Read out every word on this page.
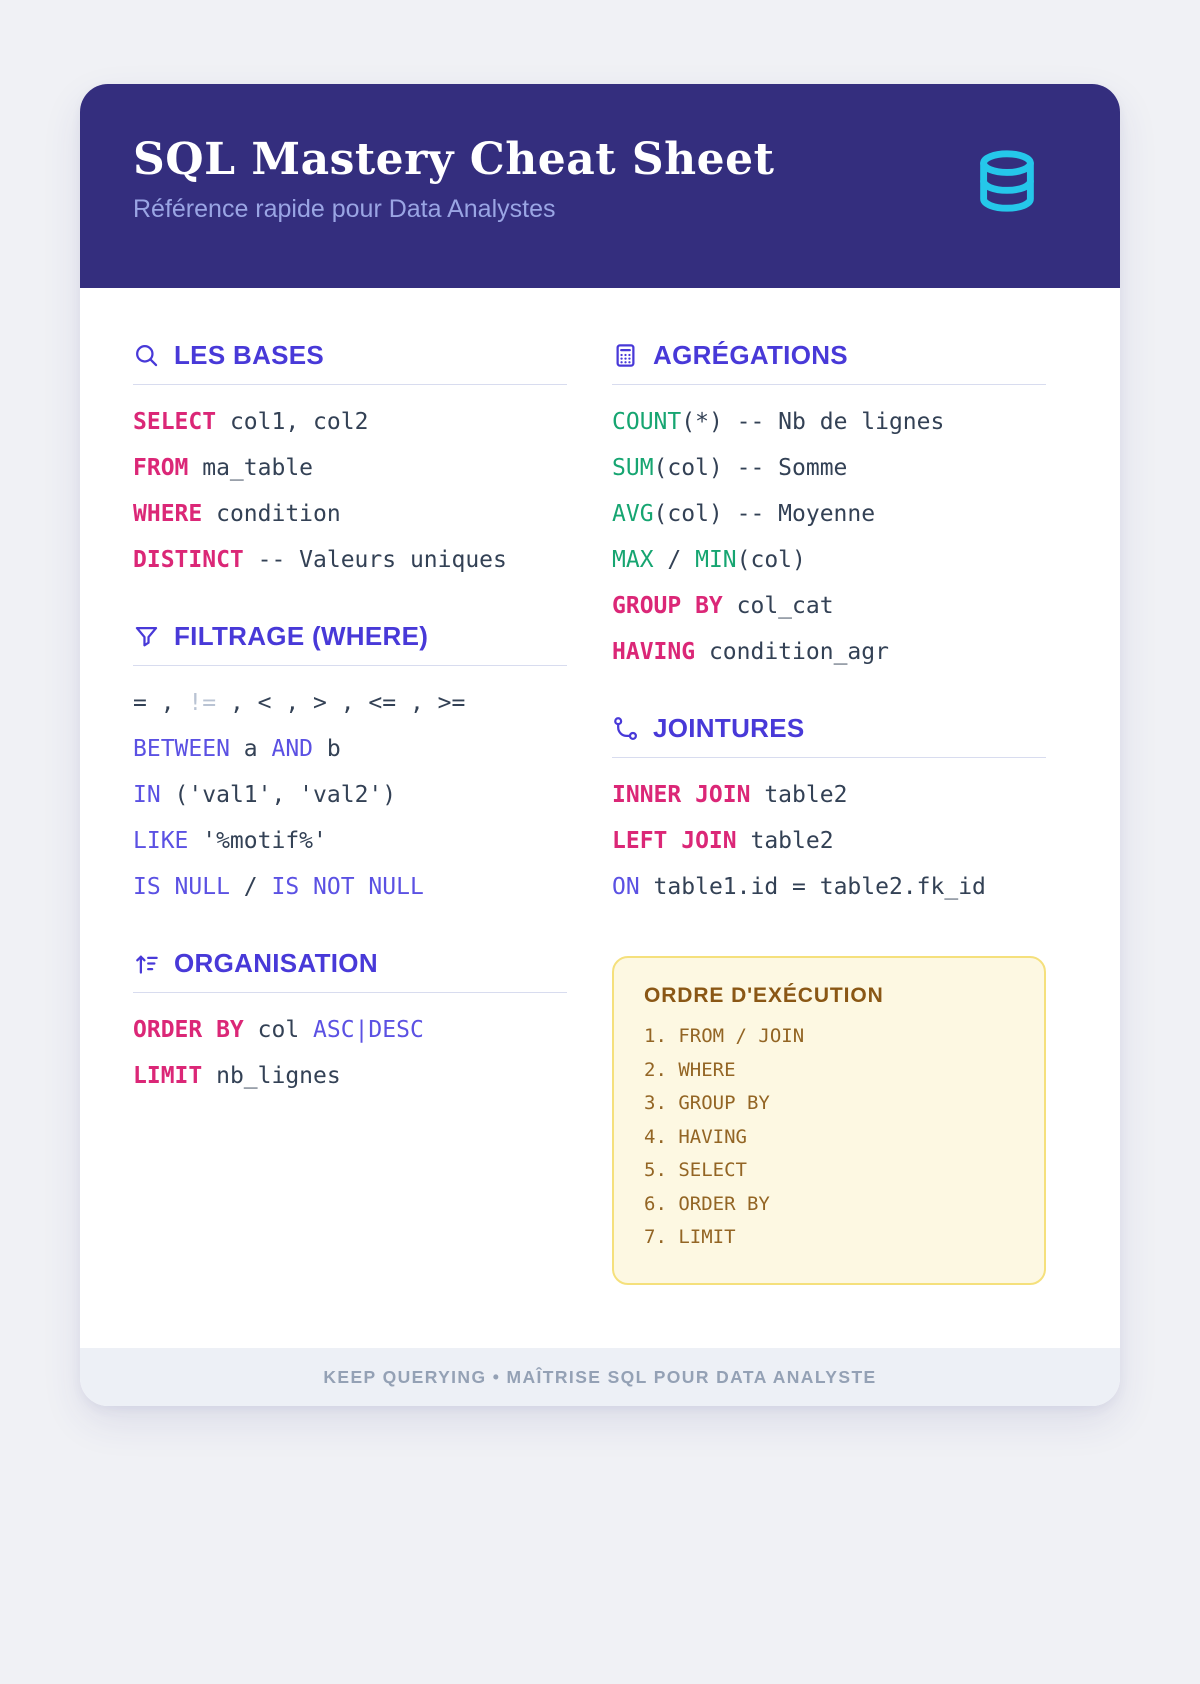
SQL Mastery Cheat Sheet
Référence rapide pour Data Analystes
LES BASES
SELECT col1, col2
FROM ma_table
WHERE condition
DISTINCT -- Valeurs uniques
FILTRAGE (WHERE)
= , != , < , > , <= , >=
BETWEEN a AND b
IN ('val1', 'val2')
LIKE '%motif%'
IS NULL / IS NOT NULL
ORGANISATION
ORDER BY col ASC|DESC
LIMIT nb_lignes
AGRÉGATIONS
COUNT(*) -- Nb de lignes
SUM(col) -- Somme
AVG(col) -- Moyenne
MAX / MIN(col)
GROUP BY col_cat
HAVING condition_agr
JOINTURES
INNER JOIN table2
LEFT JOIN table2
ON table1.id = table2.fk_id
ORDRE D'EXÉCUTION
1. FROM / JOIN
2. WHERE
3. GROUP BY
4. HAVING
5. SELECT
6. ORDER BY
7. LIMIT
KEEP QUERYING • MAÎTRISE SQL POUR DATA ANALYSTE
